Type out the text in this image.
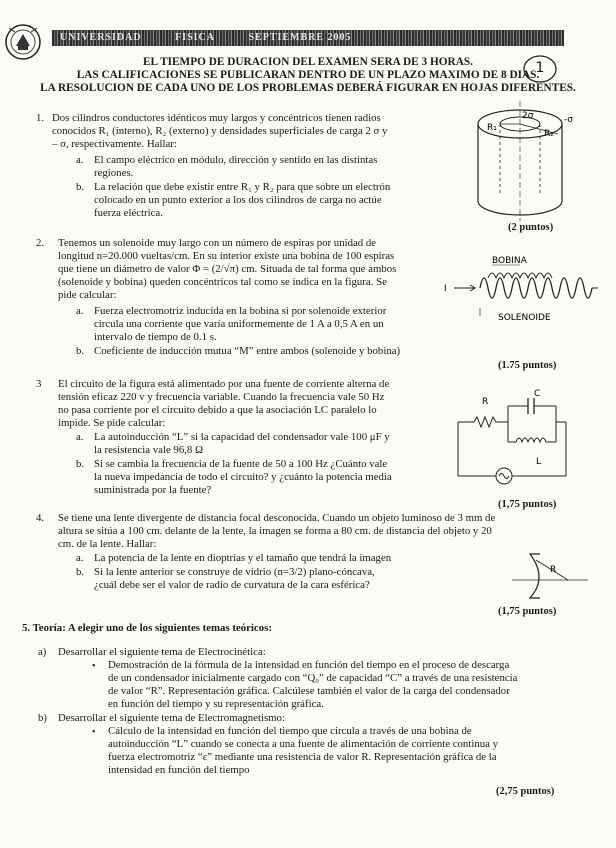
UNIVERSIDAD	FISICA	SEPTIEMBRE 2005
1
EL TIEMPO DE DURACION DEL EXAMEN SERA DE 3 HORAS.
LAS CALIFICACIONES SE PUBLICARAN DENTRO DE UN PLAZO MAXIMO DE 8 DIAS.
LA RESOLUCION DE CADA UNO DE LOS PROBLEMAS DEBERÁ FIGURAR EN HOJAS DIFERENTES.
1. Dos cilindros conductores idénticos muy largos y concéntricos tienen radios
conocidos R₁ (interno), R₂ (externo) y densidades superficiales de carga 2 σ y
– σ, respectivamente. Hallar:
a. El campo eléctrico en módulo, dirección y sentido en las distintas
regiones.
b. La relación que debe existir entre R₁ y R₂ para que sobre un electrón
colocado en un punto exterior a los dos cilindros de carga no actúe
fuerza eléctrica.
(2 puntos)
R₁
R₂
2σ	-σ
2. Tenemos un solenoide muy largo con un número de espiras por unidad de
longitud n=20.000 vueltas/cm. En su interior existe una bobina de 100 espiras
que tiene un diámetro de valor Φ = (2/√π) cm. Situada de tal forma que ambos
(solenoide y bobina) queden concéntricos tal como se indica en la figura. Se
pide calcular:
a. Fuerza electromotriz inducida en la bobina si por solenoide exterior
circula una corriente que varía uniformemente de 1 A a 0,5 A en un
intervalo de tiempo de 0.1 s.
b. Coeficiente de inducción mutua “M” entre ambos (solenoide y bobina)
(1.75 puntos)
BOBINA
I
SOLENOIDE
3 El circuito de la figura está alimentado por una fuente de corriente alterna de
tensión eficaz 220 v y frecuencia variable. Cuando la frecuencia vale 50 Hz
no pasa corriente por el circuito debido a que la asociación LC paralelo lo
impide. Se pide calcular:
a. La autoinducción “L” si la capacidad del condensador vale 100 μF y
la resistencia vale 96,8 Ω
b. Si se cambia la frecuencia de la fuente de 50 a 100 Hz ¿Cuánto vale
la nueva impedancia de todo el circuito? y ¿cuánto la potencia media
suministrada por la fuente?
(1,75 puntos)
R
C
L
4. Se tiene una lente divergente de distancia focal desconocida. Cuando un objeto luminoso de 3 mm de
altura se sitúa a 100 cm. delante de la lente, la imagen se forma a 80 cm. de distancia del objeto y 20
cm. de la lente. Hallar:
a. La potencia de la lente en dioptrías y el tamaño que tendrá la imagen
b. Si la lente anterior se construye de vidrio (n=3/2) plano-cóncava,
¿cuál debe ser el valor de radio de curvatura de la cara esférica?
(1,75 puntos)
R
5. Teoría: A elegir uno de los siguientes temas teóricos:
a) Desarrollar el siguiente tema de Electrocinética:
• Demostración de la fórmula de la intensidad en función del tiempo en el proceso de descarga
de un condensador inicialmente cargado con “Q₀” de capacidad “C” a través de una resistencia
de valor “R”. Representación gráfica. Calcúlese también el valor de la carga del condensador
en función del tiempo y su representación gráfica.
b) Desarrollar el siguiente tema de Electromagnetismo:
• Cálculo de la intensidad en función del tiempo que circula a través de una bobina de
autoinducción “L” cuando se conecta a una fuente de alimentación de corriente continua y
fuerza electromotriz “ε” mediante una resistencia de valor R. Representación gráfica de la
intensidad en función del tiempo
(2,75 puntos)
